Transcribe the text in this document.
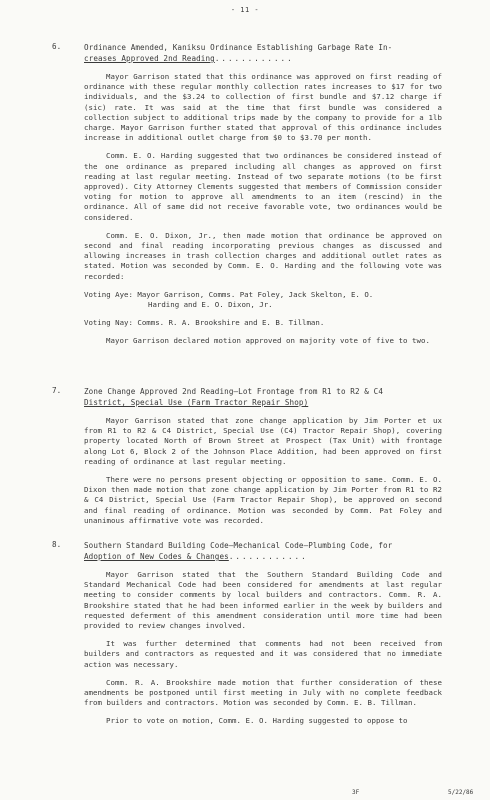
- 11 -
6.	Ordinance Amended, Kaniksu Ordinance Establishing Garbage Rate In-
creases Approved 2nd Reading............
Mayor Garrison stated that this ordinance was approved on first reading of ordinance with these regular monthly collection rates increases to $17 for two individuals, and the $3.24 to collection of first bundle and $7.12 charge if (sic) rate. It was said at the time that first bundle was considered a collection subject to additional trips made by the company to provide for a 1lb charge. Mayor Garrison further stated that approval of this ordinance includes increase in additional outlet charge from $0 to $3.70 per month.
Comm. E. O. Harding suggested that two ordinances be considered instead of the one ordinance as prepared including all changes as approved on first reading at last regular meeting. Instead of two separate motions (to be first approved). City Attorney Clements suggested that members of Commission consider voting for motion to approve all amendments to an item (rescind) in the ordinance. All of same did not receive favorable vote, two ordinances would be considered.
Comm. E. O. Dixon, Jr., then made motion that ordinance be approved on second and final reading incorporating previous changes as discussed and allowing increases in trash collection charges and additional outlet rates as stated. Motion was seconded by Comm. E. O. Harding and the following vote was recorded:
Voting Aye: Mayor Garrison, Comms. Pat Foley, Jack Skelton, E. O.
Harding and E. O. Dixon, Jr.
Voting Nay: Comms. R. A. Brookshire and E. B. Tillman.
Mayor Garrison declared motion approved on majority vote of five to two.
7.	Zone Change Approved 2nd Reading—Lot Frontage from R1 to R2 & C4
District, Special Use (Farm Tractor Repair Shop)
Mayor Garrison stated that zone change application by Jim Porter et ux from R1 to R2 & C4 District, Special Use (C4) Tractor Repair Shop), covering property located North of Brown Street at Prospect (Tax Unit) with frontage along Lot 6, Block 2 of the Johnson Place Addition, had been approved on first reading of ordinance at last regular meeting.
There were no persons present objecting or opposition to same. Comm. E. O. Dixon then made motion that zone change application by Jim Porter from R1 to R2 & C4 District, Special Use (Farm Tractor Repair Shop), be approved on second and final reading of ordinance. Motion was seconded by Comm. Pat Foley and unanimous affirmative vote was recorded.
8.	Southern Standard Building Code—Mechanical Code—Plumbing Code, for
Adoption of New Codes & Changes............
Mayor Garrison stated that the Southern Standard Building Code and Standard Mechanical Code had been considered for amendments at last regular meeting to consider comments by local builders and contractors. Comm. R. A. Brookshire stated that he had been informed earlier in the week by builders and requested deferment of this amendment consideration until more time had been provided to review changes involved.
It was further determined that comments had not been received from builders and contractors as requested and it was considered that no immediate action was necessary.
Comm. R. A. Brookshire made motion that further consideration of these amendments be postponed until first meeting in July with no complete feedback from builders and contractors. Motion was seconded by Comm. E. B. Tillman.
Prior to vote on motion, Comm. E. O. Harding suggested to oppose to
3F	5/22/86
